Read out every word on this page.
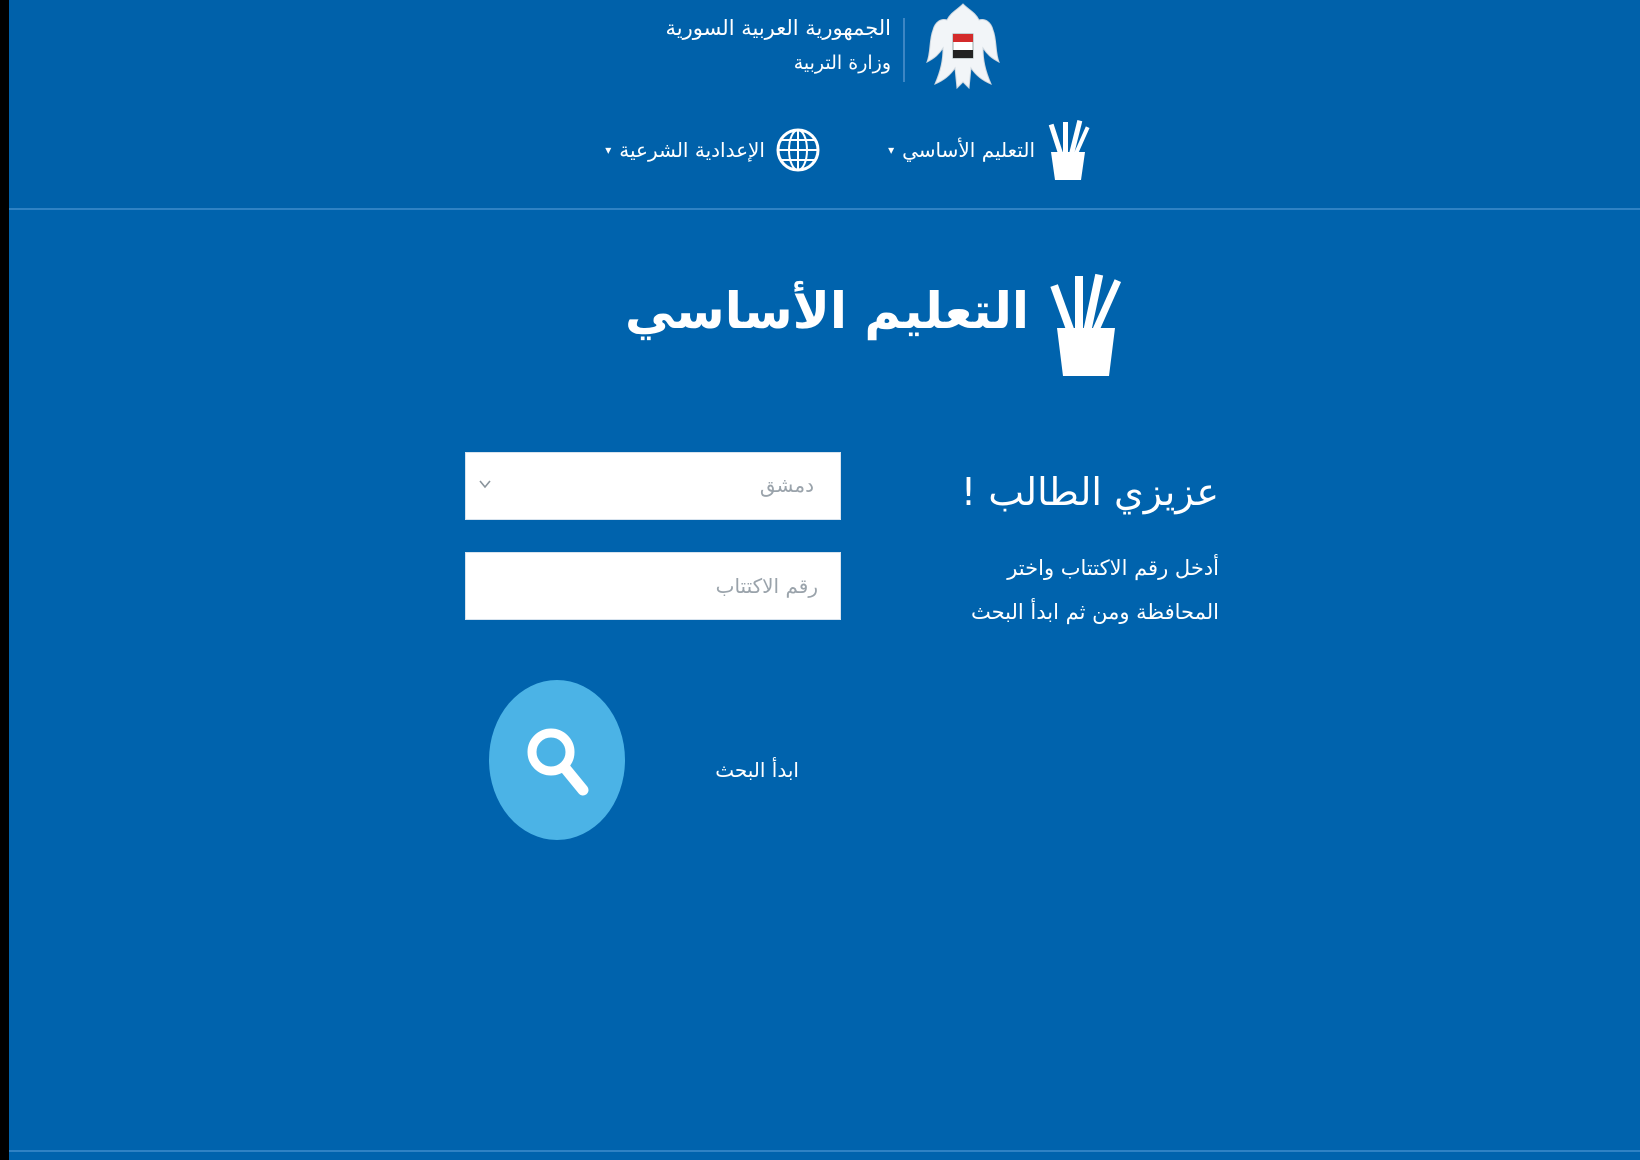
الجمهورية العربية السورية
وزارة التربية
التعليم الأساسي
▾
الإعدادية الشرعية
▾
التعليم الأساسي
عزيزي الطالب !
أدخل رقم الاكتتاب واختر
المحافظة ومن ثم ابدأ البحث
دمشق
رقم الاكتتاب
ابدأ البحث
